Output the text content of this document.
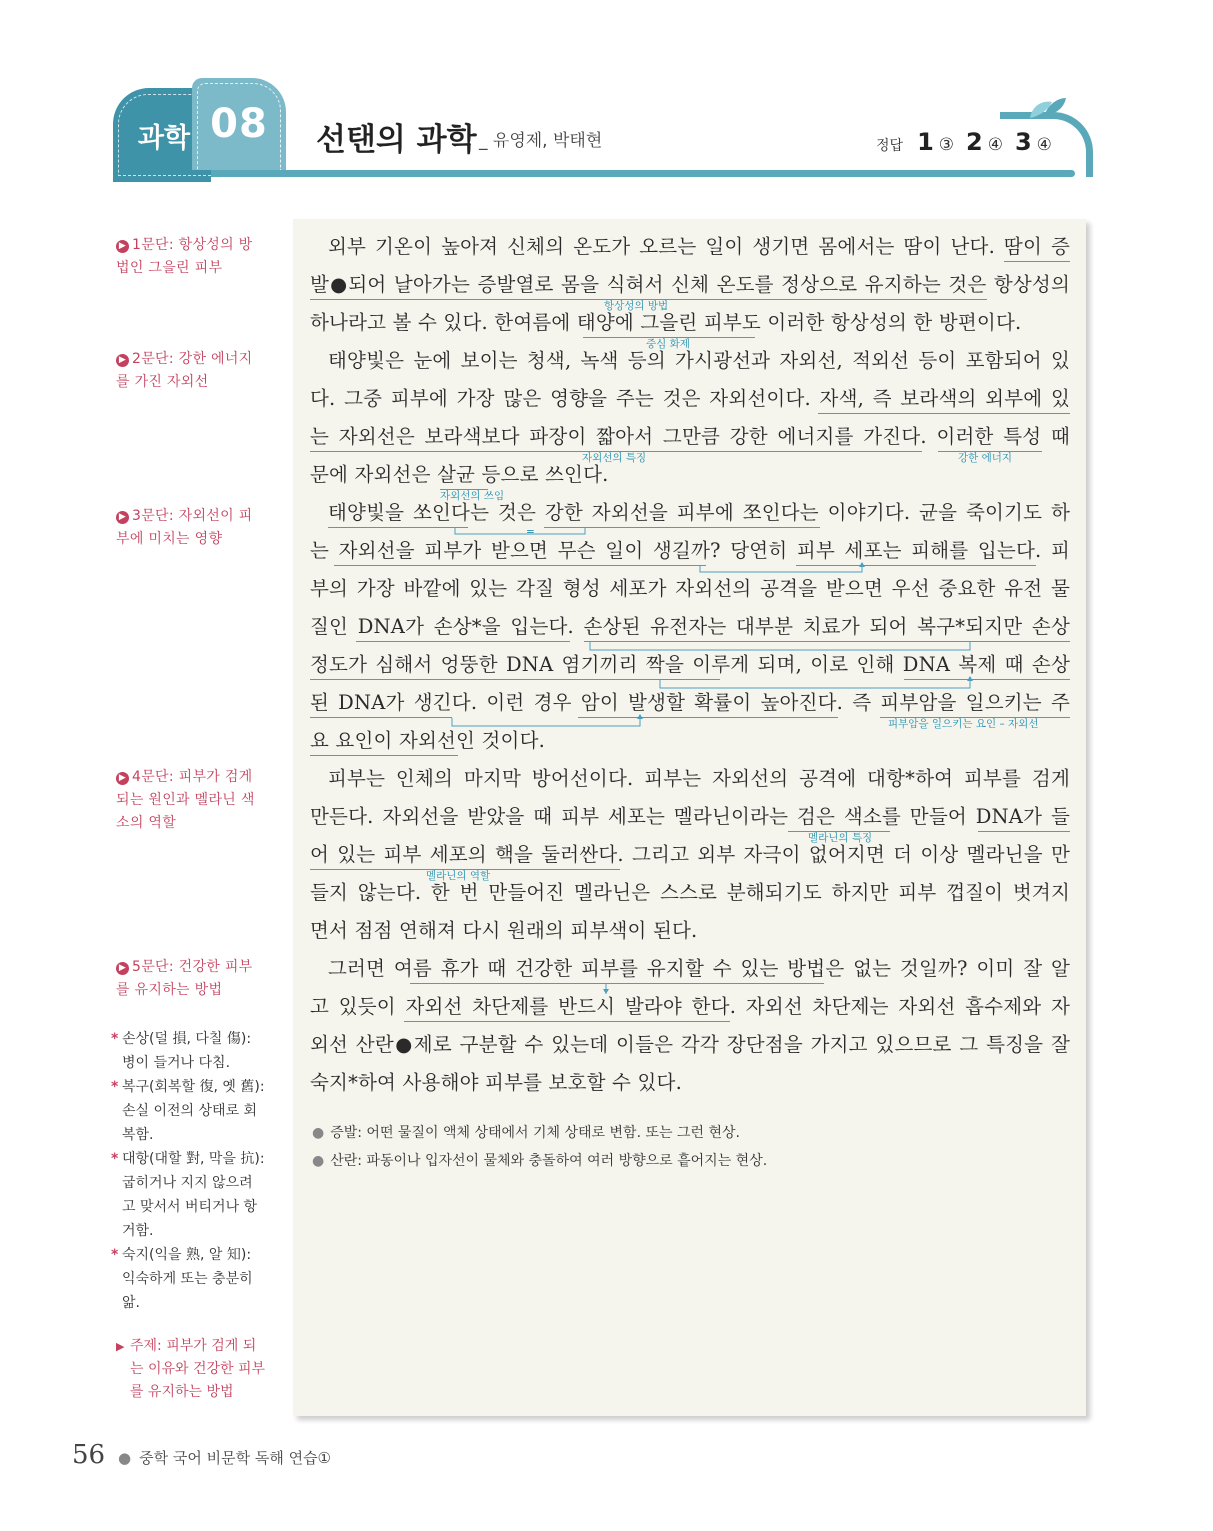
과학 08 선탠의 과학 _ 유영제, 박태현	정답 1 ③ 2 ④ 3 ④
▶ 1문단: 항상성의 방법인 그을린 피부
▶ 2문단: 강한 에너지를 가진 자외선
▶ 3문단: 자외선이 피부에 미치는 영향
▶ 4문단: 피부가 검게 되는 원인과 멜라닌 색소의 역할
▶ 5문단: 건강한 피부를 유지하는 방법
* 손상(덜 損, 다칠 傷): 병이 들거나 다침.
* 복구(회복할 復, 옛 舊): 손실 이전의 상태로 회복함.
* 대항(대할 對, 막을 抗): 굽히거나 지지 않으려고 맞서서 버티거나 항거함.
* 숙지(익을 熟, 알 知): 익숙하게 또는 충분히 앎.
▶ 주제: 피부가 검게 되는 이유와 건강한 피부를 유지하는 방법
외부 기온이 높아져 신체의 온도가 오르는 일이 생기면 몸에서는 땀이 난다. 땀이 증
발●되어 날아가는 증발열로 몸을 식혀서 신체 온도를 정상으로 유지하는 것은 항상성의
하나라고 볼 수 있다. 한여름에 태양에 그을린 피부도 이러한 항상성의 한 방편이다.
태양빛은 눈에 보이는 청색, 녹색 등의 가시광선과 자외선, 적외선 등이 포함되어 있
다. 그중 피부에 가장 많은 영향을 주는 것은 자외선이다. 자색, 즉 보라색의 외부에 있
는 자외선은 보라색보다 파장이 짧아서 그만큼 강한 에너지를 가진다. 이러한 특성 때
문에 자외선은 살균 등으로 쓰인다.
태양빛을 쏘인다는 것은 강한 자외선을 피부에 쪼인다는 이야기다. 균을 죽이기도 하
는 자외선을 피부가 받으면 무슨 일이 생길까? 당연히 피부 세포는 피해를 입는다. 피
부의 가장 바깥에 있는 각질 형성 세포가 자외선의 공격을 받으면 우선 중요한 유전 물
질인 DNA가 손상*을 입는다. 손상된 유전자는 대부분 치료가 되어 복구*되지만 손상
정도가 심해서 엉뚱한 DNA 염기끼리 짝을 이루게 되며, 이로 인해 DNA 복제 때 손상
된 DNA가 생긴다. 이런 경우 암이 발생할 확률이 높아진다. 즉 피부암을 일으키는 주
요 요인이 자외선인 것이다.
피부는 인체의 마지막 방어선이다. 피부는 자외선의 공격에 대항*하여 피부를 검게
만든다. 자외선을 받았을 때 피부 세포는 멜라닌이라는 검은 색소를 만들어 DNA가 들
어 있는 피부 세포의 핵을 둘러싼다. 그리고 외부 자극이 없어지면 더 이상 멜라닌을 만
들지 않는다. 한 번 만들어진 멜라닌은 스스로 분해되기도 하지만 피부 껍질이 벗겨지
면서 점점 연해져 다시 원래의 피부색이 된다.
그러면 여름 휴가 때 건강한 피부를 유지할 수 있는 방법은 없는 것일까? 이미 잘 알
고 있듯이 자외선 차단제를 반드시 발라야 한다. 자외선 차단제는 자외선 흡수제와 자
외선 산란●제로 구분할 수 있는데 이들은 각각 장단점을 가지고 있으므로 그 특징을 잘
숙지*하여 사용해야 피부를 보호할 수 있다.
항상성의 방법
중심 화제
자외선의 특징	강한 에너지
자외선의 쓰임
=
피부암을 일으키는 요인 – 자외선
멜라닌의 특징
멜라닌의 역할
● 증발: 어떤 물질이 액체 상태에서 기체 상태로 변함. 또는 그런 현상.
● 산란: 파동이나 입자선이 물체와 충돌하여 여러 방향으로 흩어지는 현상.
56 ● 중학 국어 비문학 독해 연습①
